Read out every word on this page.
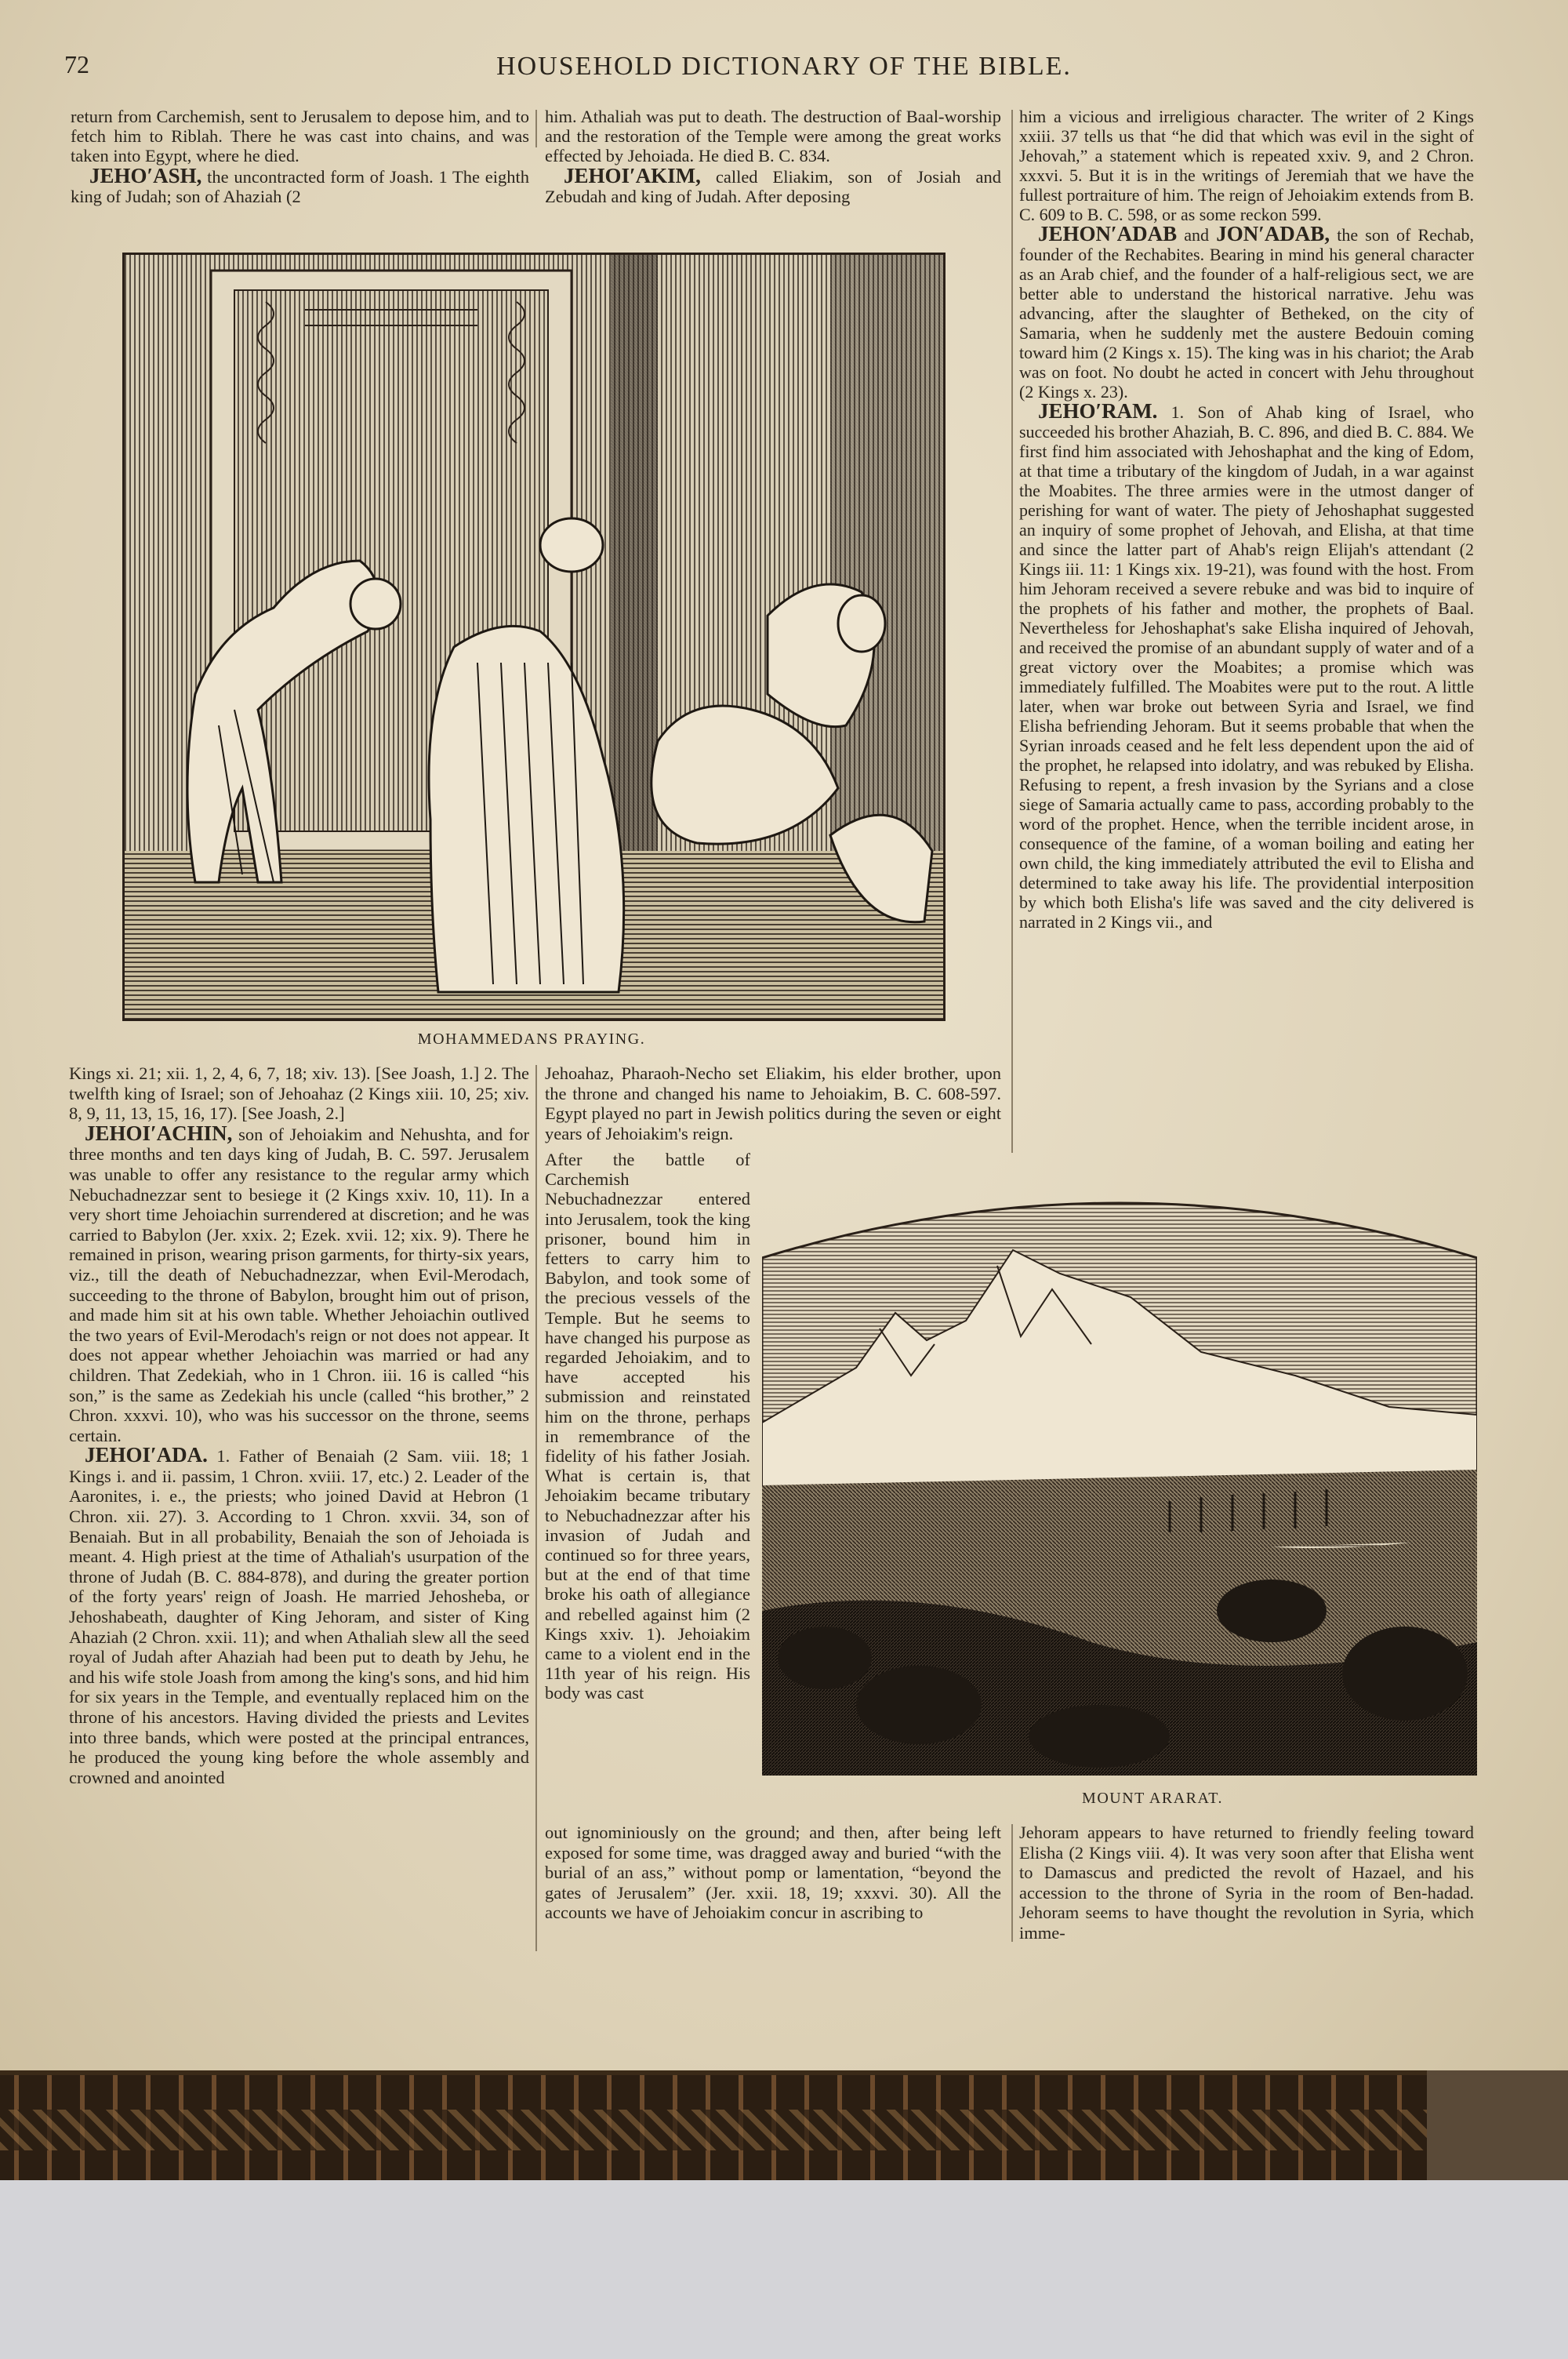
72	HOUSEHOLD DICTIONARY OF THE BIBLE.

return from Carchemish, sent to Jerusalem to depose him, and to fetch him to Riblah. There he was cast into chains, and was taken into Egypt, where he died.

JEHO′ASH, the uncontracted form of Joash. 1 The eighth king of Judah; son of Ahaziah (2

him. Athaliah was put to death. The destruction of Baal-worship and the restoration of the Temple were among the great works effected by Jehoiada. He died B. C. 834.

JEHOI′AKIM, called Eliakim, son of Josiah and Zebudah and king of Judah. After deposing

him a vicious and irreligious character. The writer of 2 Kings xxiii. 37 tells us that “he did that which was evil in the sight of Jehovah,” a statement which is repeated xxiv. 9, and 2 Chron. xxxvi. 5. But it is in the writings of Jeremiah that we have the fullest portraiture of him. The reign of Jehoiakim extends from B. C. 609 to B. C. 598, or as some reckon 599.

JEHON′ADAB and JON′ADAB, the son of Rechab, founder of the Rechabites. Bearing in mind his general character as an Arab chief, and the founder of a half-religious sect, we are better able to understand the historical narrative. Jehu was advancing, after the slaughter of Betheked, on the city of Samaria, when he suddenly met the austere Bedouin coming toward him (2 Kings x. 15). The king was in his chariot; the Arab was on foot. No doubt he acted in concert with Jehu throughout (2 Kings x. 23).

JEHO′RAM. 1. Son of Ahab king of Israel, who succeeded his brother Ahaziah, B. C. 896, and died B. C. 884. We first find him associated with Jehoshaphat and the king of Edom, at that time a tributary of the kingdom of Judah, in a war against the Moabites. The three armies were in the utmost danger of perishing for want of water. The piety of Jehoshaphat suggested an inquiry of some prophet of Jehovah, and Elisha, at that time and since the latter part of Ahab's reign Elijah's attendant (2 Kings iii. 11: 1 Kings xix. 19-21), was found with the host. From him Jehoram received a severe rebuke and was bid to inquire of the prophets of his father and mother, the prophets of Baal. Nevertheless for Jehoshaphat's sake Elisha inquired of Jehovah, and received the promise of an abundant supply of water and of a great victory over the Moabites; a promise which was immediately fulfilled. The Moabites were put to the rout. A little later, when war broke out between Syria and Israel, we find Elisha befriending Jehoram. But it seems probable that when the Syrian inroads ceased and he felt less dependent upon the aid of the prophet, he relapsed into idolatry, and was rebuked by Elisha. Refusing to repent, a fresh invasion by the Syrians and a close siege of Samaria actually came to pass, according probably to the word of the prophet. Hence, when the terrible incident arose, in consequence of the famine, of a woman boiling and eating her own child, the king immediately attributed the evil to Elisha and determined to take away his life. The providential interposition by which both Elisha's life was saved and the city delivered is narrated in 2 Kings vii., and

MOHAMMEDANS PRAYING.

Kings xi. 21; xii. 1, 2, 4, 6, 7, 18; xiv. 13). [See Joash, 1.] 2. The twelfth king of Israel; son of Jehoahaz (2 Kings xiii. 10, 25; xiv. 8, 9, 11, 13, 15, 16, 17). [See Joash, 2.]

JEHOI′ACHIN, son of Jehoiakim and Nehushta, and for three months and ten days king of Judah, B. C. 597. Jerusalem was unable to offer any resistance to the regular army which Nebuchadnezzar sent to besiege it (2 Kings xxiv. 10, 11). In a very short time Jehoiachin surrendered at discretion; and he was carried to Babylon (Jer. xxix. 2; Ezek. xvii. 12; xix. 9). There he remained in prison, wearing prison garments, for thirty-six years, viz., till the death of Nebuchadnezzar, when Evil-Merodach, succeeding to the throne of Babylon, brought him out of prison, and made him sit at his own table. Whether Jehoiachin outlived the two years of Evil-Merodach's reign or not does not appear. It does not appear whether Jehoiachin was married or had any children. That Zedekiah, who in 1 Chron. iii. 16 is called “his son,” is the same as Zedekiah his uncle (called “his brother,” 2 Chron. xxxvi. 10), who was his successor on the throne, seems certain.

JEHOI′ADA. 1. Father of Benaiah (2 Sam. viii. 18; 1 Kings i. and ii. passim, 1 Chron. xviii. 17, etc.) 2. Leader of the Aaronites, i. e., the priests; who joined David at Hebron (1 Chron. xii. 27). 3. According to 1 Chron. xxvii. 34, son of Benaiah. But in all probability, Benaiah the son of Jehoiada is meant. 4. High priest at the time of Athaliah's usurpation of the throne of Judah (B. C. 884-878), and during the greater portion of the forty years' reign of Joash. He married Jehosheba, or Jehoshabeath, daughter of King Jehoram, and sister of King Ahaziah (2 Chron. xxii. 11); and when Athaliah slew all the seed royal of Judah after Ahaziah had been put to death by Jehu, he and his wife stole Joash from among the king's sons, and hid him for six years in the Temple, and eventually replaced him on the throne of his ancestors. Having divided the priests and Levites into three bands, which were posted at the principal entrances, he produced the young king before the whole assembly and crowned and anointed

Jehoahaz, Pharaoh-Necho set Eliakim, his elder brother, upon the throne and changed his name to Jehoiakim, B. C. 608-597. Egypt played no part in Jewish politics during the seven or eight years of Jehoiakim's reign.

After the battle of Carchemish Nebuchadnezzar entered into Jerusalem, took the king prisoner, bound him in fetters to carry him to Babylon, and took some of the precious vessels of the Temple. But he seems to have changed his purpose as regarded Jehoiakim, and to have accepted his submission and reinstated him on the throne, perhaps in remembrance of the fidelity of his father Josiah. What is certain is, that Jehoiakim became tributary to Nebuchadnezzar after his invasion of Judah and continued so for three years, but at the end of that time broke his oath of allegiance and rebelled against him (2 Kings xxiv. 1). Jehoiakim came to a violent end in the 11th year of his reign. His body was cast

out ignominiously on the ground; and then, after being left exposed for some time, was dragged away and buried “with the burial of an ass,” without pomp or lamentation, “beyond the gates of Jerusalem” (Jer. xxii. 18, 19; xxxvi. 30). All the accounts we have of Jehoiakim concur in ascribing to

MOUNT ARARAT.

Jehoram appears to have returned to friendly feeling toward Elisha (2 Kings viii. 4). It was very soon after that Elisha went to Damascus and predicted the revolt of Hazael, and his accession to the throne of Syria in the room of Ben-hadad. Jehoram seems to have thought the revolution in Syria, which imme-
